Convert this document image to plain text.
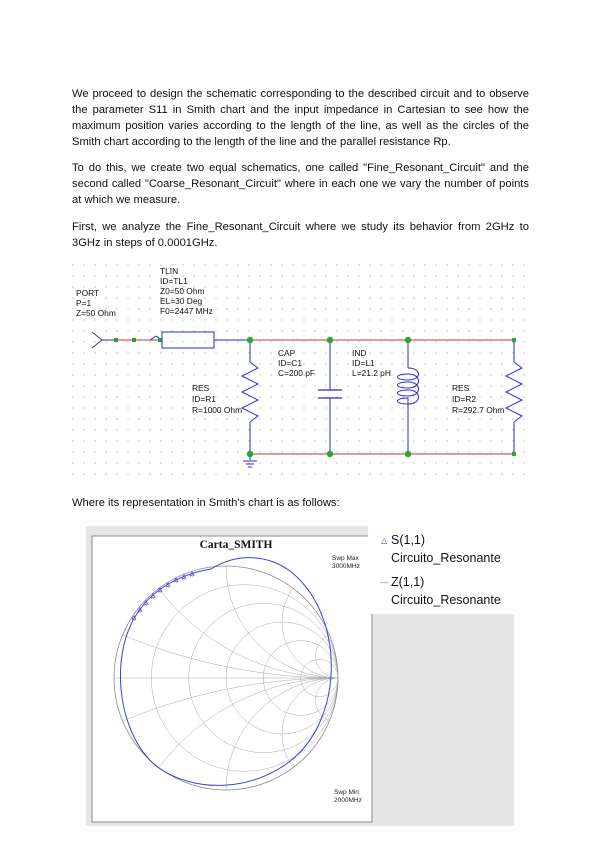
We proceed to design the schematic corresponding to the described circuit and to observe the parameter S11 in Smith chart and the input impedance in Cartesian to see how the maximum position varies according to the length of the line, as well as the circles of the Smith chart according to the length of the line and the parallel resistance Rp.
To do this, we create two equal schematics, one called "Fine_Resonant_Circuit" and the second called "Coarse_Resonant_Circuit" where in each one we vary the number of points at which we measure.
First, we analyze the Fine_Resonant_Circuit where we study its behavior from 2GHz to 3GHz in steps of 0.0001GHz.
TLIN
ID=TL1
Z0=50 Ohm
EL=30 Deg
F0=2447 MHz
PORT
P=1
Z=50 Ohm
CAP
ID=C1
C=200 pF
IND
ID=L1
L=21.2 pH
RES
ID=R1
R=1000 Ohm
RES
ID=R2
R=292.7 Ohm
Where its representation in Smith's chart is as follows:
Carta_SMITH
Swp Max
3000MHz
Swp Min
2000MHz
△ S(1,1)
Circuito_Resonante
— Z(1,1)
Circuito_Resonante
